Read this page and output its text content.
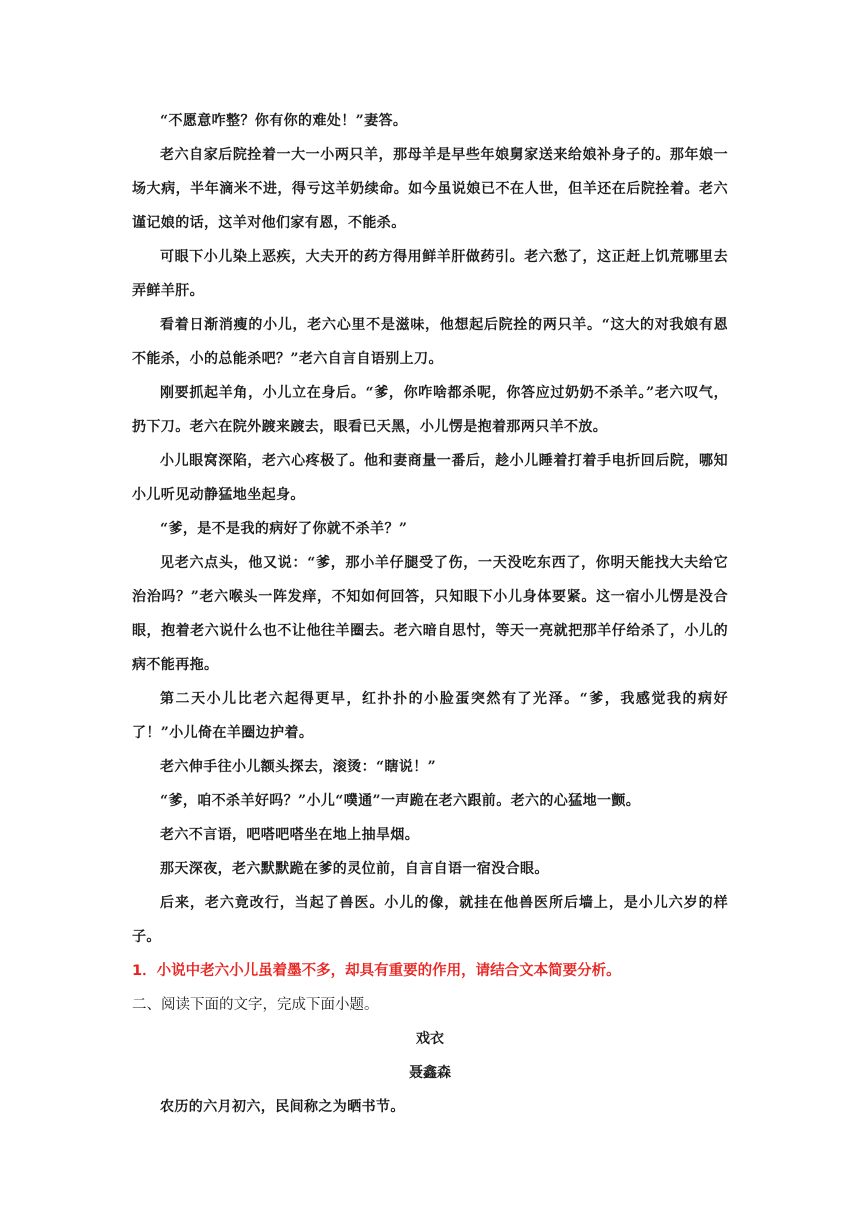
“不愿意咋整？你有你的难处！”妻答。

老六自家后院拴着一大一小两只羊，那母羊是早些年娘舅家送来给娘补身子的。那年娘一场大病，半年滴米不进，得亏这羊奶续命。如今虽说娘已不在人世，但羊还在后院拴着。老六谨记娘的话，这羊对他们家有恩，不能杀。

可眼下小儿染上恶疾，大夫开的药方得用鲜羊肝做药引。老六愁了，这正赶上饥荒哪里去弄鲜羊肝。

看着日渐消瘦的小儿，老六心里不是滋味，他想起后院拴的两只羊。“这大的对我娘有恩不能杀，小的总能杀吧？”老六自言自语别上刀。

刚要抓起羊角，小儿立在身后。“爹，你咋啥都杀呢，你答应过奶奶不杀羊。”老六叹气，扔下刀。老六在院外踱来踱去，眼看已天黑，小儿愣是抱着那两只羊不放。

小儿眼窝深陷，老六心疼极了。他和妻商量一番后，趁小儿睡着打着手电折回后院，哪知小儿听见动静猛地坐起身。

“爹，是不是我的病好了你就不杀羊？”

见老六点头，他又说：“爹，那小羊仔腿受了伤，一天没吃东西了，你明天能找大夫给它治治吗？”老六喉头一阵发痒，不知如何回答，只知眼下小儿身体要紧。这一宿小儿愣是没合眼，抱着老六说什么也不让他往羊圈去。老六暗自思忖，等天一亮就把那羊仔给杀了，小儿的病不能再拖。

第二天小儿比老六起得更早，红扑扑的小脸蛋突然有了光泽。“爹，我感觉我的病好了！”小儿倚在羊圈边护着。

老六伸手往小儿额头探去，滚烫：“瞎说！”

“爹，咱不杀羊好吗？”小儿“噗通”一声跪在老六跟前。老六的心猛地一颤。

老六不言语，吧嗒吧嗒坐在地上抽旱烟。

那天深夜，老六默默跪在爹的灵位前，自言自语一宿没合眼。

后来，老六竟改行，当起了兽医。小儿的像，就挂在他兽医所后墙上，是小儿六岁的样子。

1．小说中老六小儿虽着墨不多，却具有重要的作用，请结合文本简要分析。

二、阅读下面的文字，完成下面小题。

戏衣

聂鑫森

农历的六月初六，民间称之为晒书节。
